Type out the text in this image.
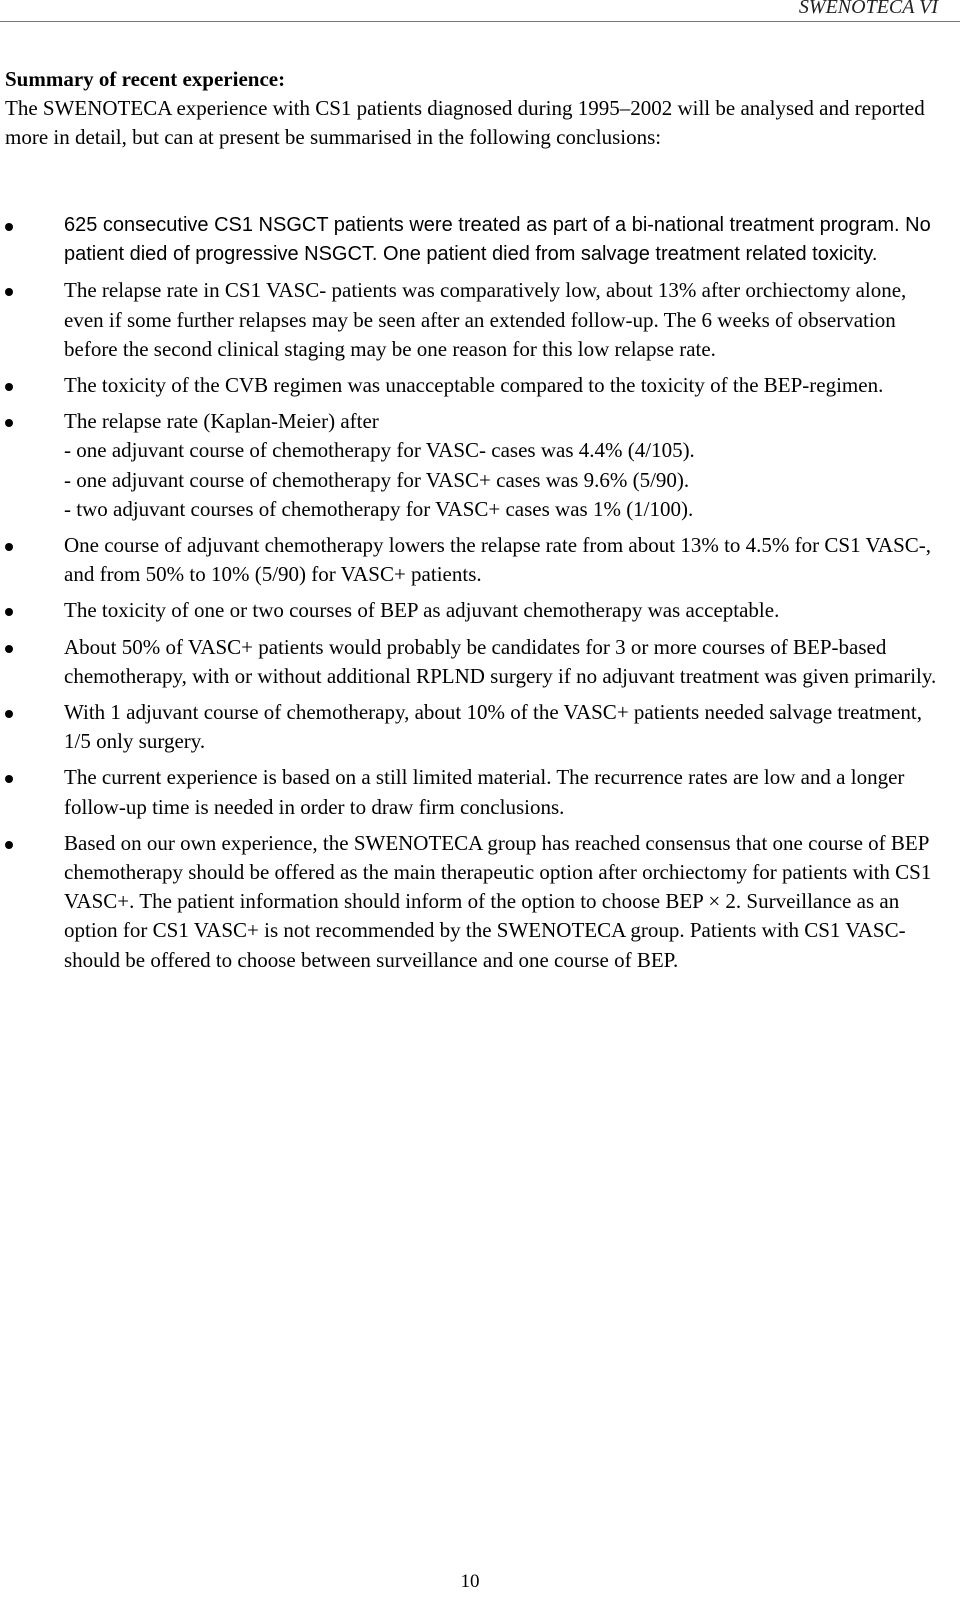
SWENOTECA VI

Summary of recent experience:

The SWENOTECA experience with CS1 patients diagnosed during 1995–2002 will be analysed and reported more in detail, but can at present be summarised in the following conclusions:

625 consecutive CS1 NSGCT patients were treated as part of a bi-national treatment program. No patient died of progressive NSGCT. One patient died from salvage treatment related toxicity.
The relapse rate in CS1 VASC- patients was comparatively low, about 13% after orchiectomy alone, even if some further relapses may be seen after an extended follow-up. The 6 weeks of observation before the second clinical staging may be one reason for this low relapse rate.
The toxicity of the CVB regimen was unacceptable compared to the toxicity of the BEP-regimen.
The relapse rate (Kaplan-Meier) after
- one adjuvant course of chemotherapy for VASC- cases was 4.4% (4/105).
- one adjuvant course of chemotherapy for VASC+ cases was 9.6% (5/90).
- two adjuvant courses of chemotherapy for VASC+ cases was 1% (1/100).
One course of adjuvant chemotherapy lowers the relapse rate from about 13% to 4.5% for CS1 VASC-, and from 50% to 10% (5/90) for VASC+ patients.
The toxicity of one or two courses of BEP as adjuvant chemotherapy was acceptable.
About 50% of VASC+ patients would probably be candidates for 3 or more courses of BEP-based chemotherapy, with or without additional RPLND surgery if no adjuvant treatment was given primarily.
With 1 adjuvant course of chemotherapy, about 10% of the VASC+ patients needed salvage treatment, 1/5 only surgery.
The current experience is based on a still limited material. The recurrence rates are low and a longer follow-up time is needed in order to draw firm conclusions.
Based on our own experience, the SWENOTECA group has reached consensus that one course of BEP chemotherapy should be offered as the main therapeutic option after orchiectomy for patients with CS1 VASC+. The patient information should inform of the option to choose BEP × 2. Surveillance as an option for CS1 VASC+ is not recommended by the SWENOTECA group. Patients with CS1 VASC- should be offered to choose between surveillance and one course of BEP.
10
